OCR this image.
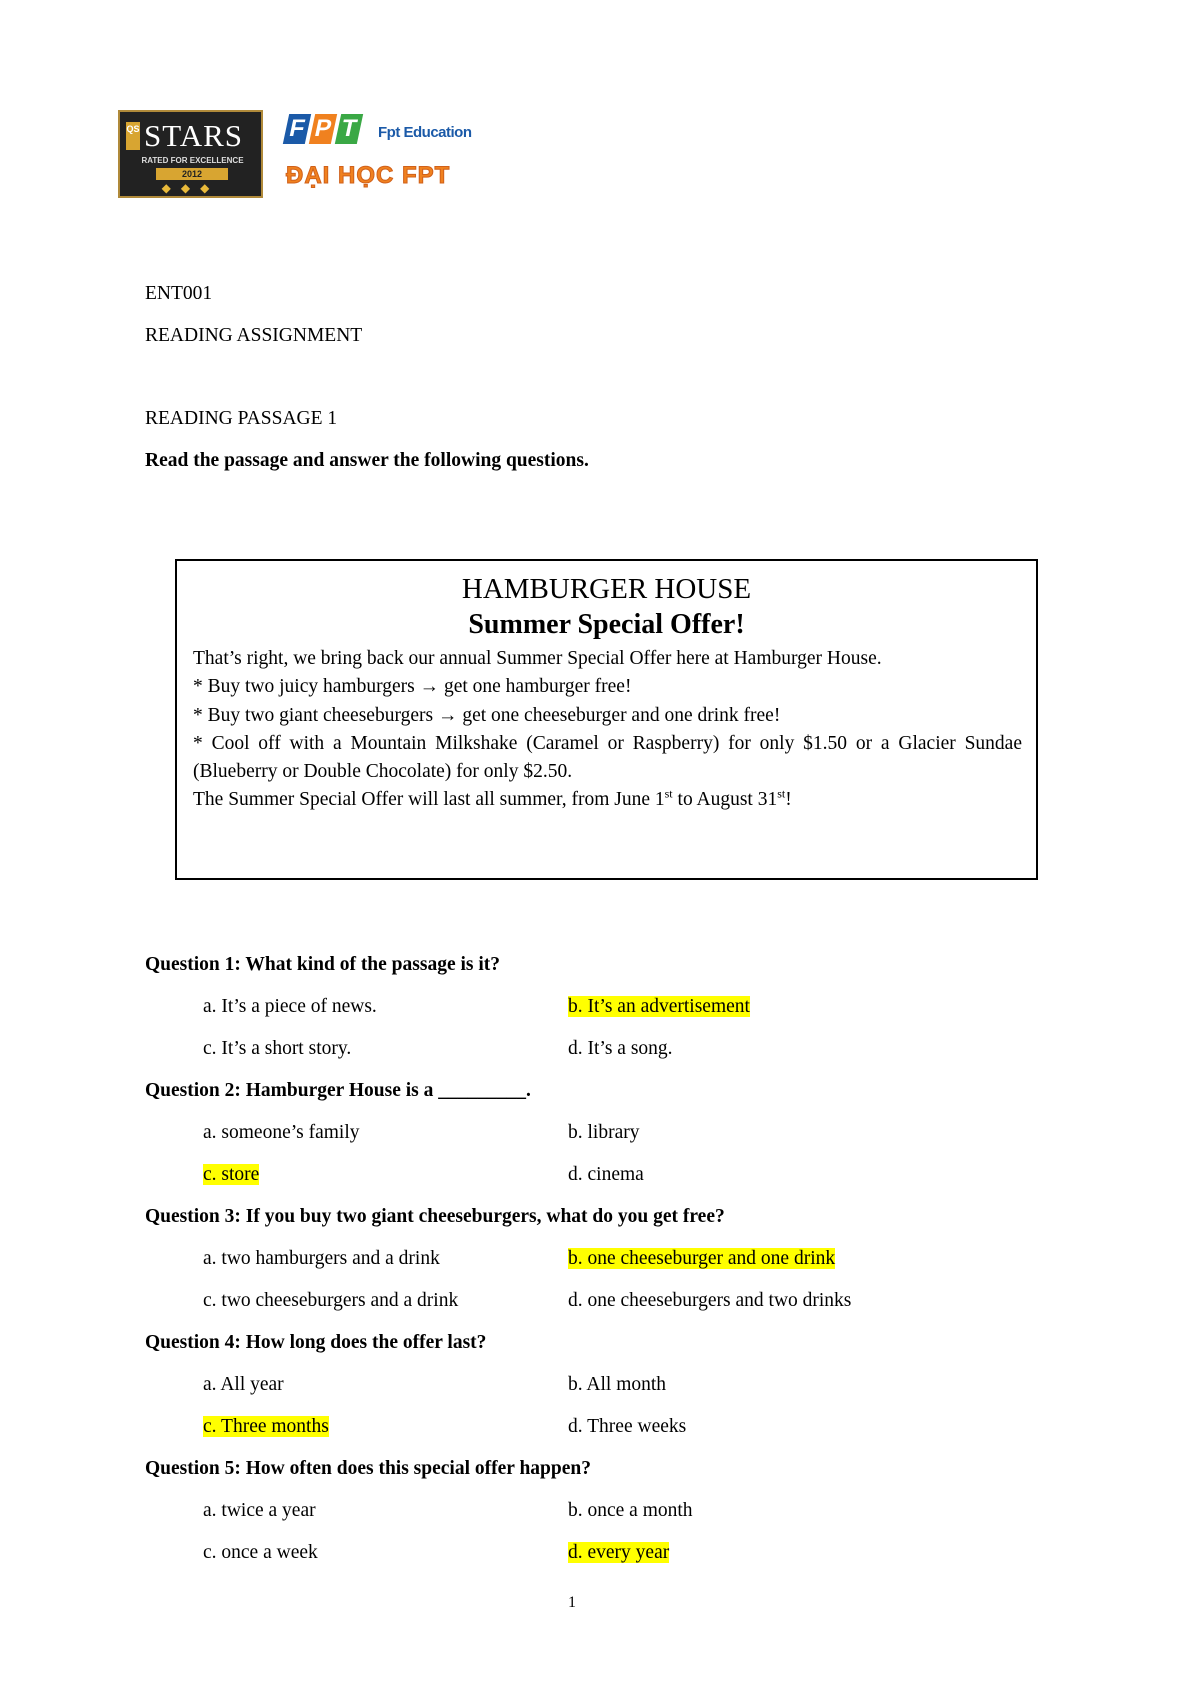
QS STARS
RATED FOR EXCELLENCE
2012
◆◆◆
F P T Fpt Education
ĐẠI HỌC FPT
ENT001
READING ASSIGNMENT
READING PASSAGE 1
Read the passage and answer the following questions.
HAMBURGER HOUSE
Summer Special Offer!

That’s right, we bring back our annual Summer Special Offer here at Hamburger House.

* Buy two juicy hamburgers → get one hamburger free!

* Buy two giant cheeseburgers → get one cheeseburger and one drink free!

* Cool off with a Mountain Milkshake (Caramel or Raspberry) for only $1.50 or a Glacier Sundae (Blueberry or Double Chocolate) for only $2.50.

The Summer Special Offer will last all summer, from June 1st to August 31st!

Question 1: What kind of the passage is it?
a. It’s a piece of news.	b. It’s an advertisement
c. It’s a short story.	d. It’s a song.
Question 2: Hamburger House is a _________.
a. someone’s family	b. library
c. store	d. cinema
Question 3: If you buy two giant cheeseburgers, what do you get free?
a. two hamburgers and a drink	b. one cheeseburger and one drink
c. two cheeseburgers and a drink	d. one cheeseburgers and two drinks
Question 4: How long does the offer last?
a. All year	b. All month
c. Three months	d. Three weeks
Question 5: How often does this special offer happen?
a. twice a year	b. once a month
c. once a week	d. every year
1
